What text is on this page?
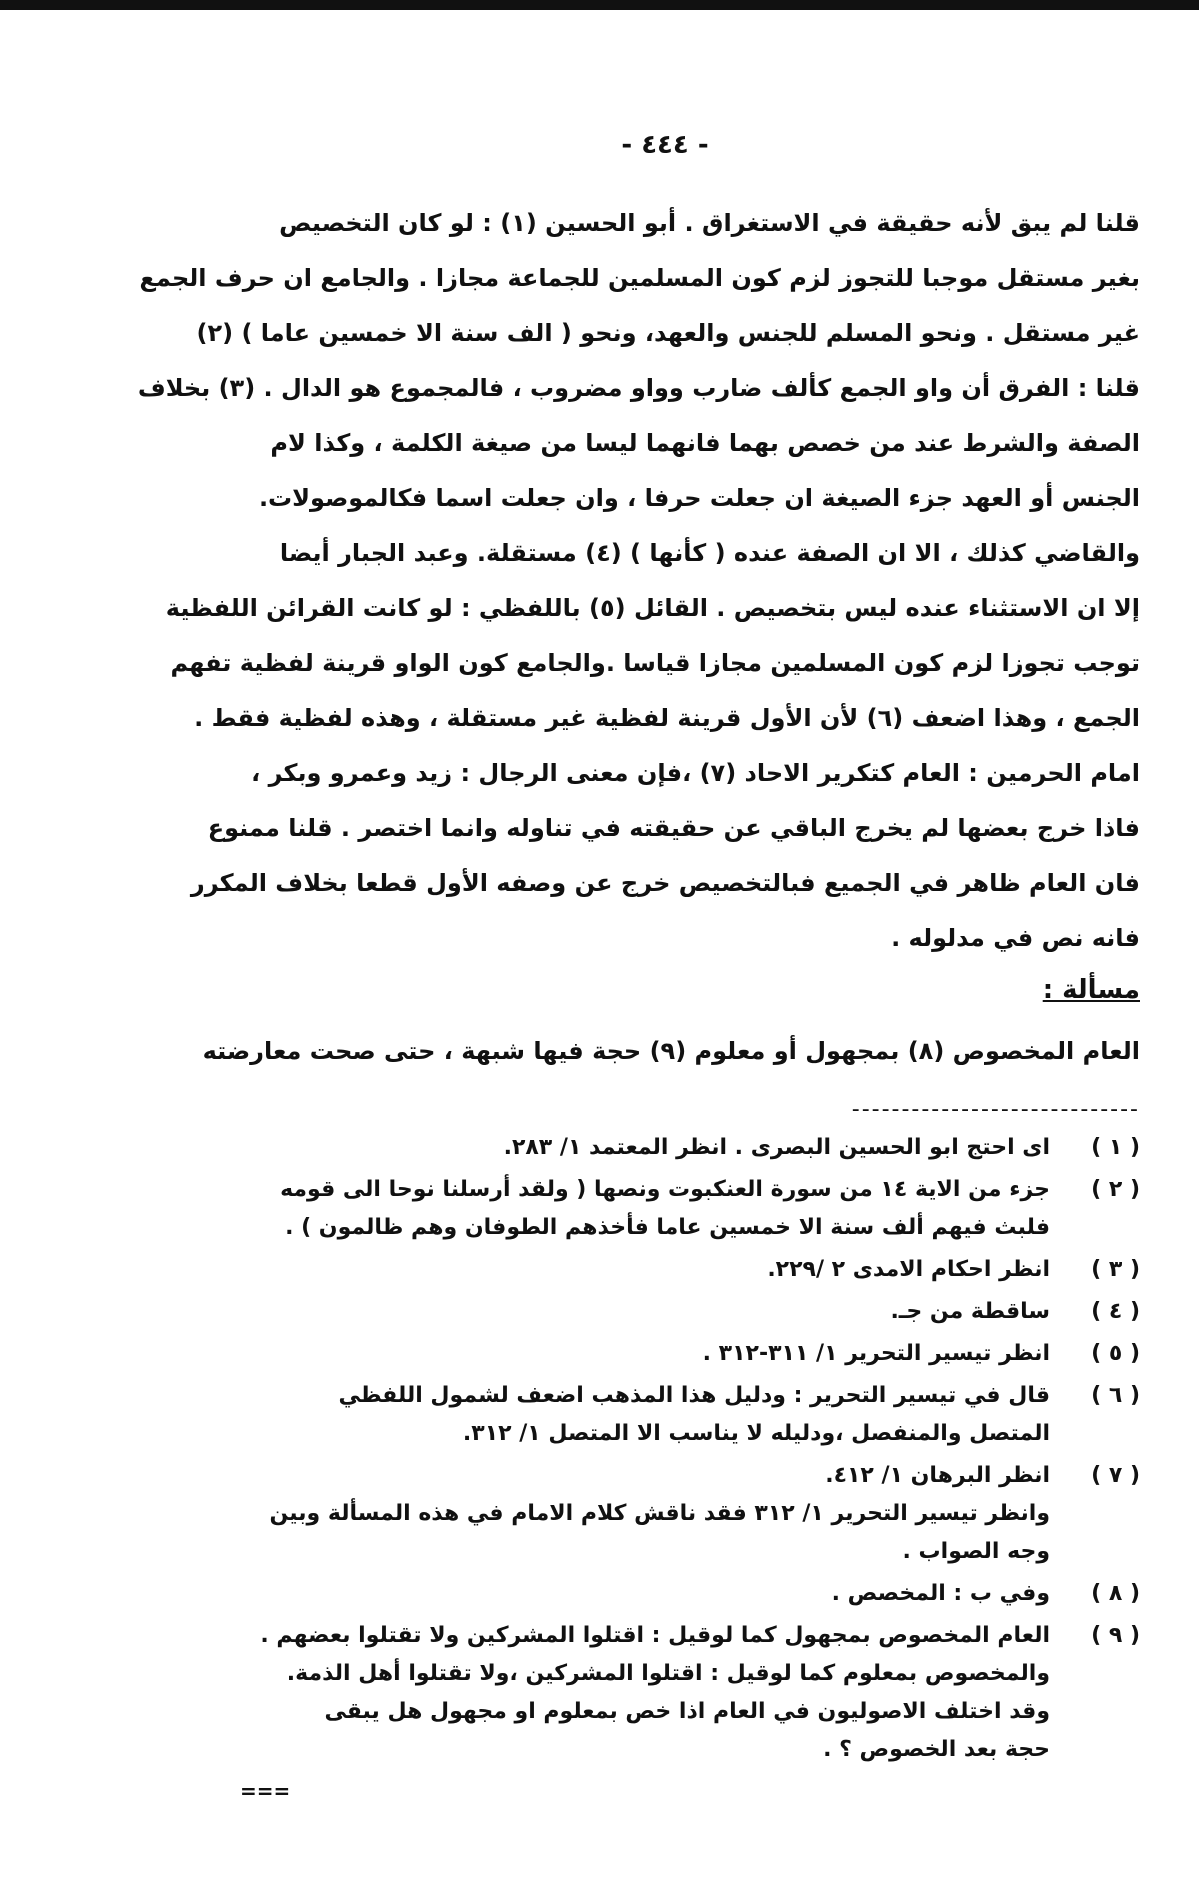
- ٤٤٤ -
قلنا لم يبق لأنه حقيقة في الاستغراق . أبو الحسين (١) : لو كان التخصيص
بغير مستقل موجبا للتجوز لزم كون المسلمين للجماعة مجازا . والجامع ان حرف الجمع
غير مستقل . ونحو المسلم للجنس والعهد، ونحو ( الف سنة الا خمسين عاما ) (٢)
قلنا : الفرق أن واو الجمع كألف ضارب وواو مضروب ، فالمجموع هو الدال . (٣) بخلاف
الصفة والشرط عند من خصص بهما فانهما ليسا من صيغة الكلمة ، وكذا لام
الجنس أو العهد جزء الصيغة ان جعلت حرفا ، وان جعلت اسما فكالموصولات.
والقاضي كذلك ، الا ان الصفة عنده ( كأنها ) (٤) مستقلة. وعبد الجبار أيضا
إلا ان الاستثناء عنده ليس بتخصيص . القائل (٥) باللفظي : لو كانت القرائن اللفظية
توجب تجوزا لزم كون المسلمين مجازا قياسا .والجامع كون الواو قرينة لفظية تفهم
الجمع ، وهذا اضعف (٦) لأن الأول قرينة لفظية غير مستقلة ، وهذه لفظية فقط .
امام الحرمين : العام كتكرير الاحاد (٧) ،فإن معنى الرجال : زيد وعمرو وبكر ،
فاذا خرج بعضها لم يخرج الباقي عن حقيقته في تناوله وانما اختصر . قلنا ممنوع
فان العام ظاهر في الجميع فبالتخصيص خرج عن وصفه الأول قطعا بخلاف المكرر
فانه نص في مدلوله .
مسألة :
العام المخصوص (٨) بمجهول أو معلوم (٩) حجة فيها شبهة ، حتى صحت معارضته
-----------------------------
( ١ )
اى احتج ابو الحسين البصرى . انظر المعتمد ١/ ٢٨٣.
( ٢ )
جزء من الاية ١٤ من سورة العنكبوت ونصها ( ولقد أرسلنا نوحا الى قومه
فلبث فيهم ألف سنة الا خمسين عاما فأخذهم الطوفان وهم ظالمون ) .
( ٣ )
انظر احكام الامدى ٢ /٢٢٩.
( ٤ )
ساقطة من جـ.
( ٥ )
انظر تيسير التحرير ١/ ٣١١-٣١٢ .
( ٦ )
قال في تيسير التحرير : ودليل هذا المذهب اضعف لشمول اللفظي
المتصل والمنفصل ،ودليله لا يناسب الا المتصل ١/ ٣١٢.
( ٧ )
انظر البرهان ١/ ٤١٢.
وانظر تيسير التحرير ١/ ٣١٢ فقد ناقش كلام الامام في هذه المسألة وبين
وجه الصواب .
( ٨ )
وفي ب : المخصص .
( ٩ )
العام المخصوص بمجهول كما لوقيل : اقتلوا المشركين ولا تقتلوا بعضهم .
والمخصوص بمعلوم كما لوقيل : اقتلوا المشركين ،ولا تقتلوا أهل الذمة.
وقد اختلف الاصوليون في العام اذا خص بمعلوم او مجهول هل يبقى
حجة بعد الخصوص ؟ .
===
